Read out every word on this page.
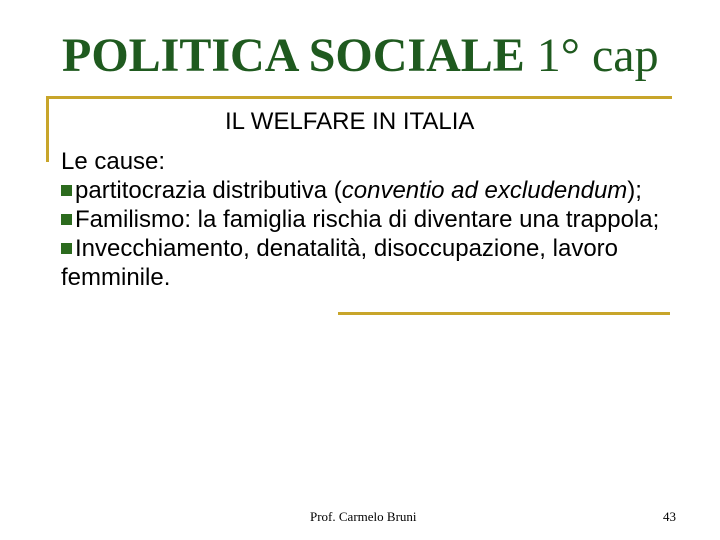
POLITICA SOCIALE 1° cap
IL WELFARE IN ITALIA

Le cause:

partitocrazia distributiva (conventio ad excludendum);

Familismo: la famiglia rischia di diventare una trappola;

Invecchiamento, denatalità, disoccupazione, lavoro femminile.

Prof. Carmelo Bruni	43
